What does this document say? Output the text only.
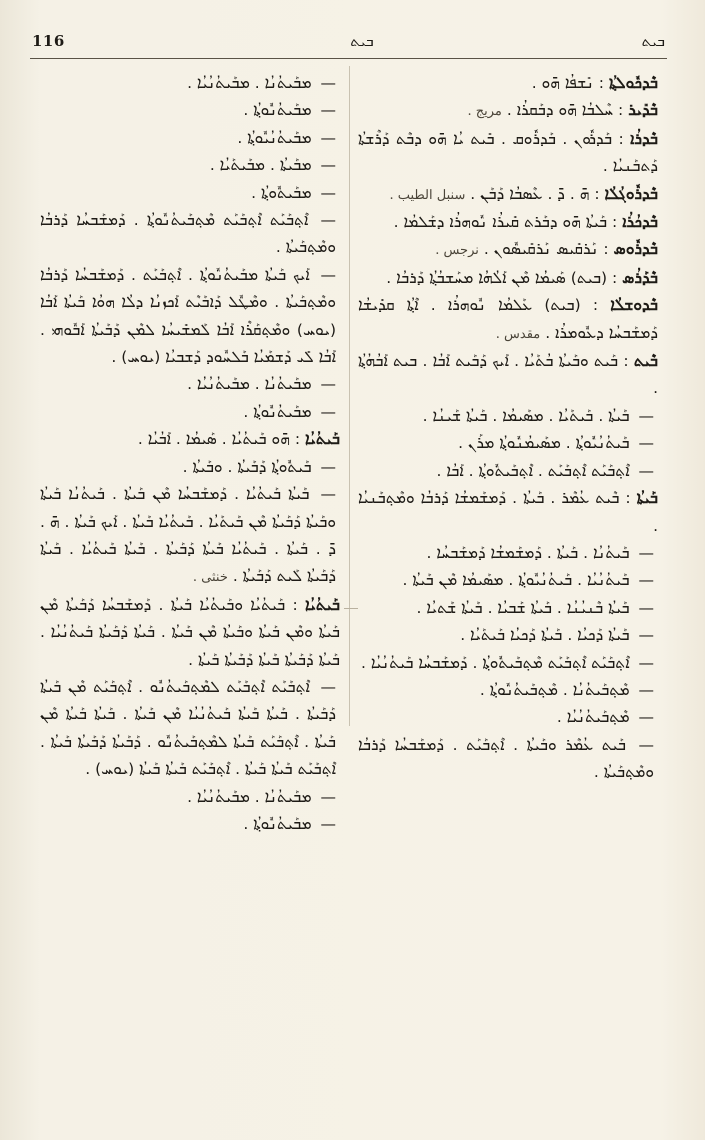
116	ܒܝܬ	ܒܝܬ

ܒܶܕܟܽܘܠܬ݂ܳܐ : ܢܺܫܦܳܐ ܗ̄ܘ .

ܒܶܕܺܝܪ : ܚܶܠܒܳܐ ܗ̄ܘ ܕܒܰܩܪܳܐ . مريج .

ܒܶܕܪܳܐ : ܒܰܕܪܽܘܢ . ܒܰܕܪܽܘܩ . ܒܺܝܬ ܝܳܐ ܗ̄ܘ ܕܒܶܬ ܕܰܪܶܫܬܳܐ ܕܰܬܒܰܢܝܳܐ .

ܒܶܕܪܽܘܓܳܠܳܐ : ܗ̄ . ܕ̄ . ܥܶܣܒܳܐ ܕܰܒܰܢ . سنبل الطيب .

ܒܶܕܟܳܪܳܐ : ܒܰܝܬܳܐ ܗ̄ܘ ܕܒܰܪܬ ܩܺܝܪܳܐ ܢܽܘܗܪܳܐ ܕܫܰܠܡܳܐ .

ܒܶܕܪܽܘܣ : ܢܰܪܩܺܝܣ ܢܰܪܩܺܝܣܽܘܢ . نرجس .

ܒܶܕܰܪܳܣ : (ܒܝܬ) ܣܰܝܡܳܐ ܡܶܢ ܐܰܠܳܗܳܐ ܡܚܰܫܒܳܬ݂ܳܐ ܕܰܪܒܳܐ .

ܒܶܕܘܫܠܳܐ : (ܒܝܬ) ܥܰܠܡܳܐ ܢܽܘܗܪܳܐ . ܐܶܬ݂ܳܐ ܩܕܺܝܫܳܐ ܕܰܡܫܰܒܚܳܐ ܕܥܽܘܡܪܳܐ . مقدس .

ܒܶܝܬ : ܒܰܝܬ ܘܒܰܝܬܳܐ ܒܳܬܰܝܳܐ . ܐܰܝܟ ܕܰܒܰܝܬ ܐܰܒܳܐ . ܒܝܬ ܐܰܒܳܗܳܬ݂ܳܐ .

— ܒܰܝܬܳܐ . ܒܰܝܬܰܝܳܐ . ܡܣܰܝܡܳܐ . ܒܰܝܬܳܐ ܫܰܝܢܳܐ .

— ܒܰܝܬܳܢܳܝܽܘܬ݂ܳܐ . ܡܣܰܝܡܳܢܽܘܬ݂ܳܐ ܡܪܰܢ .

— ܐܶܬ݂ܒܰܝܰܬ ܐܶܬ݂ܒܰܝܰܬ . ܐܶܬ݂ܒܰܝܬܽܘܬ݂ܳܐ . ܐܰܒܳܐ .

ܒܰܝܬܳܐ : ܒܶܝܬ ܥܳܡܶܪ . ܒܰܝܬܳܐ . ܕܰܡܫܰܡܫܳܐ ܕܰܪܒܳܐ ܘܡܶܬ݂ܒܰܢܝܳܐ .

— ܒܰܝܬܳܢܳܐ . ܒܰܝܬܳܐ . ܕܰܡܫܰܡܫܳܐ ܕܰܡܫܰܒܚܳܐ .

— ܒܰܝܬܳܢܳܝܳܐ . ܒܰܝܬܳܢܳܝܽܘܬ݂ܳܐ . ܡܣܰܝܡܳܐ ܡܶܢ ܒܰܝܬܳܐ .

— ܒܰܝܬܳܐ ܒܶܢܝܳܢܳܐ . ܒܰܝܬܳܐ ܫܰܒܝܳܐ . ܒܰܝܬܳܐ ܫܰܬܝܳܐ .

— ܒܰܝܬܳܐ ܕܰܟܝܳܐ . ܒܰܝܬܳܐ ܕܰܟܝܳܐ ܒܰܝܬܰܝܳܐ .

— ܐܶܬ݂ܒܰܝܰܬ ܐܶܬ݂ܒܰܝܰܬ ܡܶܬ݂ܒܰܝܬܽܘܬ݂ܳܐ . ܕܰܡܫܰܒܚܳܐ ܒܰܝܬܳܢܳܝܳܐ .

— ܡܶܬ݂ܒܰܝܬܳܢܳܐ . ܡܶܬ݂ܒܰܝܬܳܢܽܘܬ݂ܳܐ .

— ܡܶܬ݂ܒܰܝܬܳܢܳܝܳܐ .

— ܒܰܝܬ ܥܳܡܶܪ ܘܒܰܝܬܳܐ . ܐܶܬ݂ܒܰܝܰܬ . ܕܰܡܫܰܒܚܳܐ ܕܰܪܒܳܐ ܘܡܶܬ݂ܒܰܝܬܳܐ .

— ܡܒܰܝܬܳܢܳܐ . ܡܒܰܝܬܳܢܳܝܳܐ .

— ܡܒܰܝܬܳܢܽܘܬ݂ܳܐ .

— ܡܒܰܝܬܳܢܳܝܽܘܬ݂ܳܐ .

— ܡܒܰܝܬܳܐ . ܡܒܰܝܬܰܝܳܐ .

— ܡܒܰܝܬܽܘܬ݂ܳܐ .

— ܐܶܬ݂ܒܰܝܰܬ ܐܶܬ݂ܒܰܝܰܬ ܡܶܬ݂ܒܰܝܬܳܢܽܘܬ݂ܳܐ . ܕܰܡܫܰܒܚܳܐ ܕܰܪܒܳܐ ܘܡܶܬ݂ܒܰܝܬܳܐ .

— ܐܰܝܟ ܒܰܝܬܳܐ ܡܒܰܝܬܳܢܽܘܬ݂ܳܐ . ܐܶܬ݂ܒܰܝܰܬ . ܕܰܡܫܰܒܚܳܐ ܕܰܪܒܳܐ ܘܡܶܬ݂ܒܰܝܬܳܐ . ܘܡܶܛܽܠ ܕܰܐܒܰܝܶܬ ܐܰܟܙܢܳܐ ܕܠܳܐ ܗܘܳܐ ܒܰܝܬܳܐ ܐܰܒܳܐ (ܝܘܚ) ܘܡܶܬ݂ܩܰܪܶܐ ܐܰܒܳܐ ܠܰܡܫܺܝܚܳܐ ܠܡܶܢ ܕܰܒܰܝܬܳܐ ܐܰܒܽܘܗܝ . ܐܰܒܳܐ ܠܺܝ ܕܰܫܡܰܝܳܐ ܒܰܠܚܽܘܕ ܕܰܫܒܝܳܐ (ܝܘܚ) .

— ܡܒܰܝܬܳܢܳܐ . ܡܒܰܝܬܳܢܳܝܳܐ .

— ܡܒܰܝܬܳܢܽܘܬ݂ܳܐ .

ܒܰܝܬܳܝܳܐ : ܗ̄ܘ ܒܰܝܬܳܝܳܐ . ܣܰܝܡܳܐ . ܐܰܒܳܝܳܐ .

— ܒܰܝܬܽܘܬ݂ܳܐ ܕܰܒܰܝܬܳܐ . ܘܒܰܝܬܳܐ .

— ܒܰܝܬܳܐ ܒܰܝܬܳܝܳܐ . ܕܰܡܫܰܒܚܳܐ ܡܶܢ ܒܰܝܬܳܐ . ܒܰܝܬܳܢܳܐ ܒܰܝܬܳܐ ܘܒܰܝܬܳܐ ܕܰܒܰܝܬܳܐ ܡܶܢ ܒܰܝܬܰܝܳܐ . ܒܰܝܬܳܝܳܐ ܒܰܝܬܳܐ . ܐܰܝܟ ܒܰܝܬܳܐ . ܗ̄ . ܕ̄ . ܒܰܝܬܳܐ . ܒܰܝܬܳܝܳܐ ܒܰܝܬܳܐ ܕܰܒܰܝܬܳܐ . ܒܰܝܬܳܐ ܒܰܝܬܳܝܳܐ . ܒܰܝܬܳܐ ܕܰܒܰܝܬܳܐ ܠܰܝܬ ܕܰܒܰܝܬܳܐ . خنثى .

ܒܰܝܬܳܝܳܐ : ܒܰܝܬܳܝܳܐ ܘܒܰܝܬܳܝܳܐ ܒܰܝܬܳܐ . ܕܰܡܫܰܒܚܳܐ ܕܰܒܰܝܬܳܐ ܡܶܢ ܒܰܝܬܳܐ ܘܡܶܢ ܒܰܝܬܳܐ ܘܒܰܝܬܳܐ ܡܶܢ ܒܰܝܬܳܐ . ܒܰܝܬܳܐ ܕܰܒܰܝܬܳܐ ܒܰܝܬܳܢܳܝܳܐ . ܒܰܝܬܳܐ ܕܰܒܰܝܬܳܐ ܒܰܝܬܳܐ ܕܰܒܰܝܬܳܐ ܒܰܝܬܳܐ .

— ܐܶܬ݂ܒܰܝܰܬ ܐܶܬ݂ܒܰܝܰܬ ܠܡܶܬ݂ܒܰܝܬܳܢܽܘ . ܐܶܬ݂ܒܰܝܰܬ ܡܶܢ ܒܰܝܬܳܐ ܕܰܒܰܝܬܳܐ . ܒܰܝܬܳܐ ܒܰܝܬܳܐ ܒܰܝܬܳܢܳܝܳܐ ܡܶܢ ܒܰܝܬܳܐ . ܒܰܝܬܳܐ ܒܰܝܬܳܐ ܡܶܢ ܒܰܝܬܳܐ . ܐܶܬ݂ܒܰܝܰܬ ܒܰܝܬܳܐ ܠܡܶܬ݂ܒܰܝܬܳܢܽܘ . ܕܰܒܰܝܬܳܐ ܕܰܒܰܝܬܳܐ ܒܰܝܬܳܐ . ܐܶܬ݂ܒܰܝܰܬ ܒܰܝܬܳܐ ܒܰܝܬܳܐ . ܐܶܬ݂ܒܰܝܰܬ ܒܰܝܬܳܐ ܒܰܝܬܳܐ (ܝܘܚ) .

— ܡܒܰܝܬܳܢܳܐ . ܡܒܰܝܬܳܢܳܝܳܐ .

— ܡܒܰܝܬܳܢܽܘܬ݂ܳܐ .
